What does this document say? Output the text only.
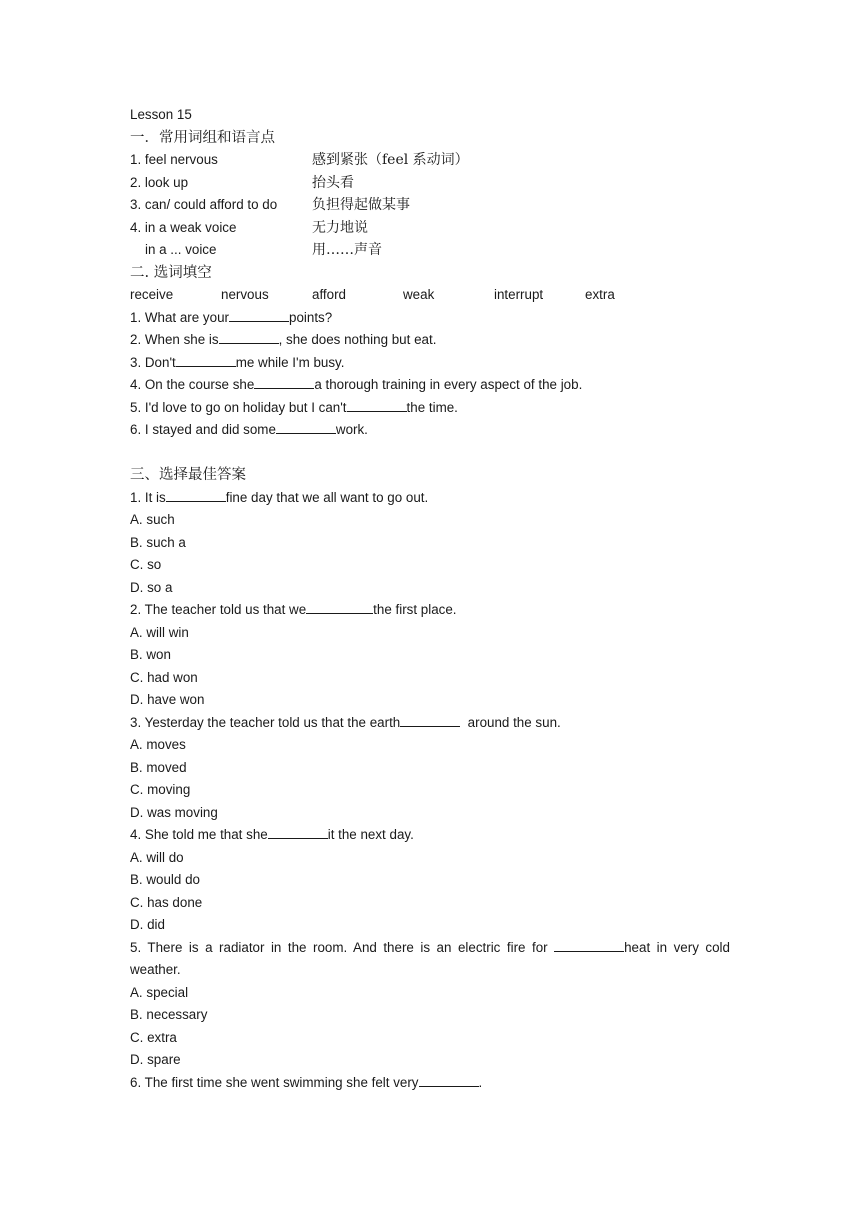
Lesson 15
一．常用词组和语言点
1. feel nervous	感到紧张（feel 系动词）
2. look up	抬头看
3. can/ could afford to do	负担得起做某事
4. in a weak voice	无力地说
in a ... voice	用……声音
二. 选词填空
receive	nervous	afford	weak	interrupt	extra
1. What are your	points?
2. When she is	, she does nothing but eat.
3. Don't	me while I'm busy.
4. On the course she	a thorough training in every aspect of the job.
5. I'd love to go on holiday but I can't	the time.
6. I stayed and did some	work.
三、选择最佳答案
1. It is	fine day that we all want to go out.
A. such
B. such a
C. so
D. so a
2. The teacher told us that we	the first place.
A. will win
B. won
C. had won
D. have won
3. Yesterday the teacher told us that the earth	around the sun.
A. moves
B. moved
C. moving
D. was moving
4. She told me that she	it the next day.
A. will do
B. would do
C. has done
D. did
5. There is a radiator in the room. And there is an electric fire for	heat in very cold weather.
A. special
B. necessary
C. extra
D. spare
6. The first time she went swimming she felt very	.
